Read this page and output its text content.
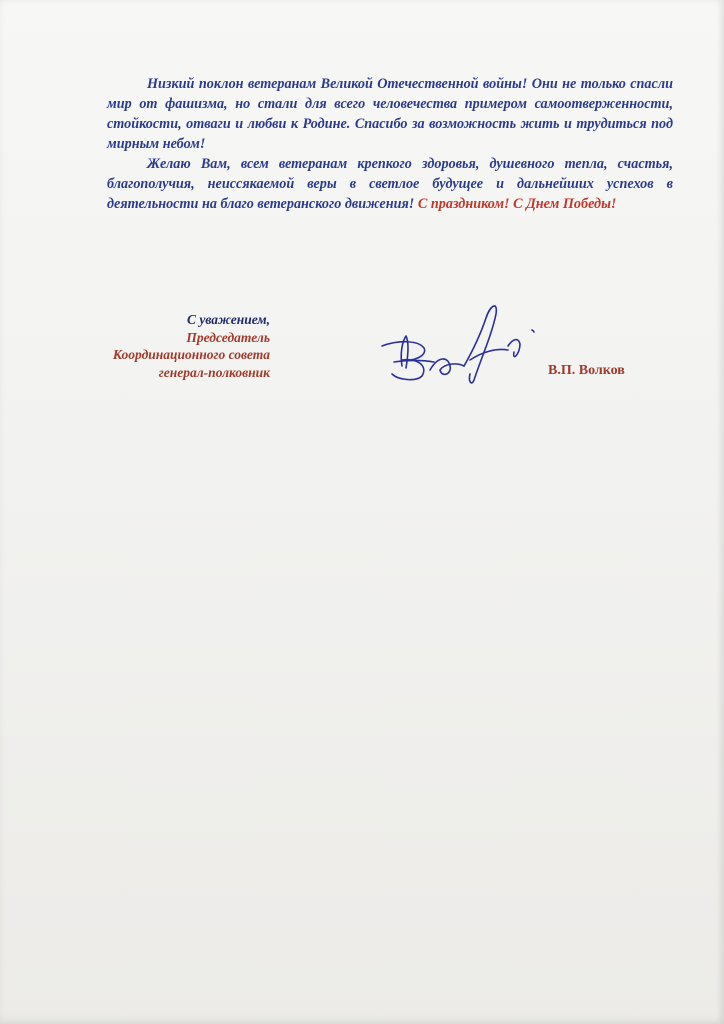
Низкий поклон ветеранам Великой Отечественной войны! Они не только спасли мир от фашизма, но стали для всего человечества примером самоотверженности, стойкости, отваги и любви к Родине. Спасибо за возможность жить и трудиться под мирным небом!

Желаю Вам, всем ветеранам крепкого здоровья, душевного тепла, счастья, благополучия, неиссякаемой веры в светлое будущее и дальнейших успехов в деятельности на благо ветеранского движения! С праздником! С Днем Победы!

С уважением,
Председатель
Координационного совета
генерал-полковник	В.П. Волков
